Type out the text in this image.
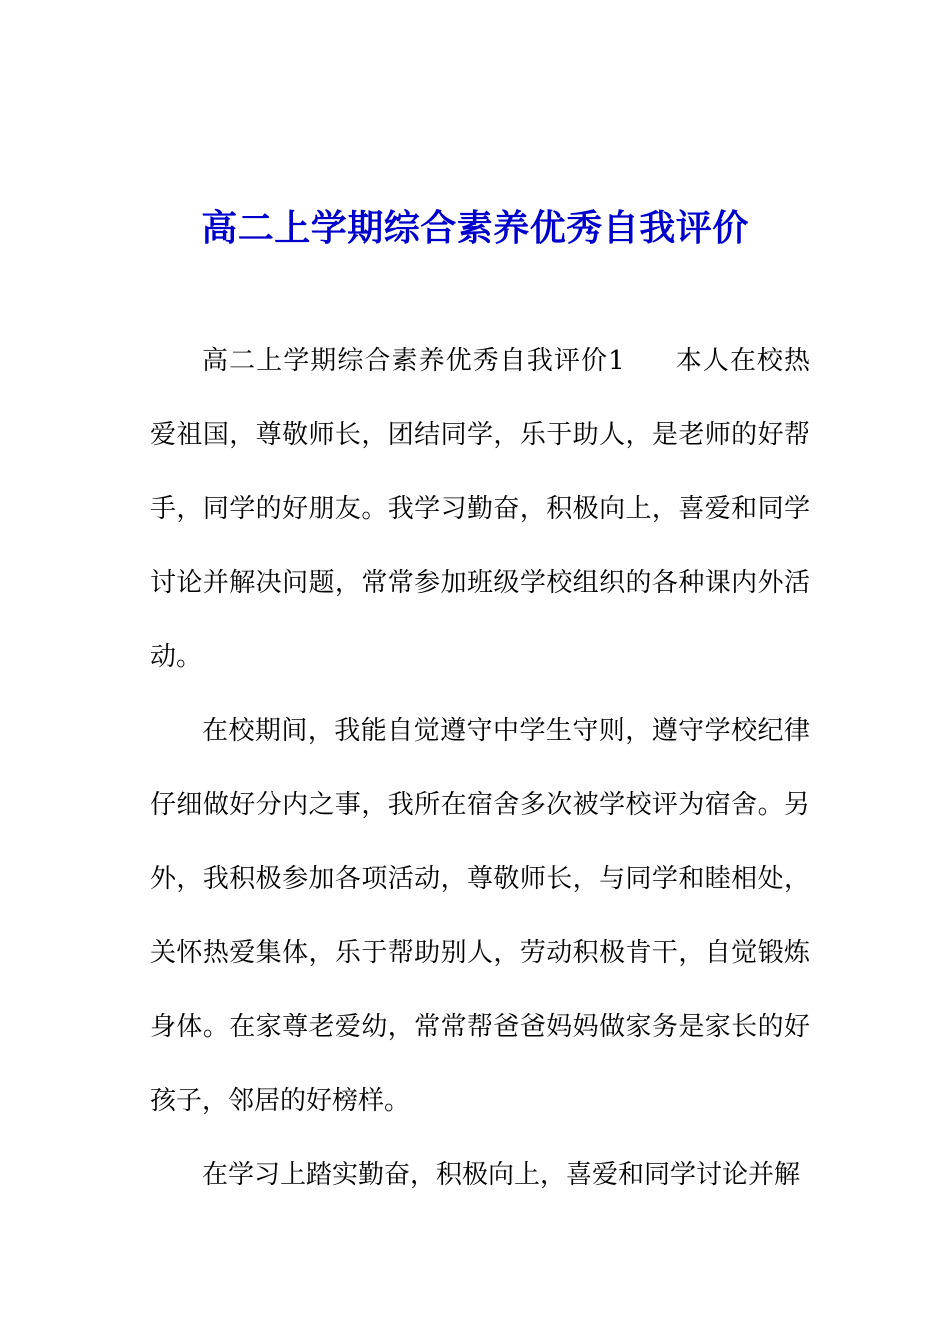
高二上学期综合素养优秀自我评价

高二上学期综合素养优秀自我评价1 本人在校热爱祖国，尊敬师长，团结同学，乐于助人，是老师的好帮手，同学的好朋友。我学习勤奋，积极向上，喜爱和同学讨论并解决问题，常常参加班级学校组织的各种课内外活动。

在校期间，我能自觉遵守中学生守则，遵守学校纪律仔细做好分内之事，我所在宿舍多次被学校评为宿舍。另外，我积极参加各项活动，尊敬师长，与同学和睦相处，关怀热爱集体，乐于帮助别人，劳动积极肯干，自觉锻炼身体。在家尊老爱幼，常常帮爸爸妈妈做家务是家长的好孩子，邻居的好榜样。

在学习上踏实勤奋，积极向上，喜爱和同学讨论并解
